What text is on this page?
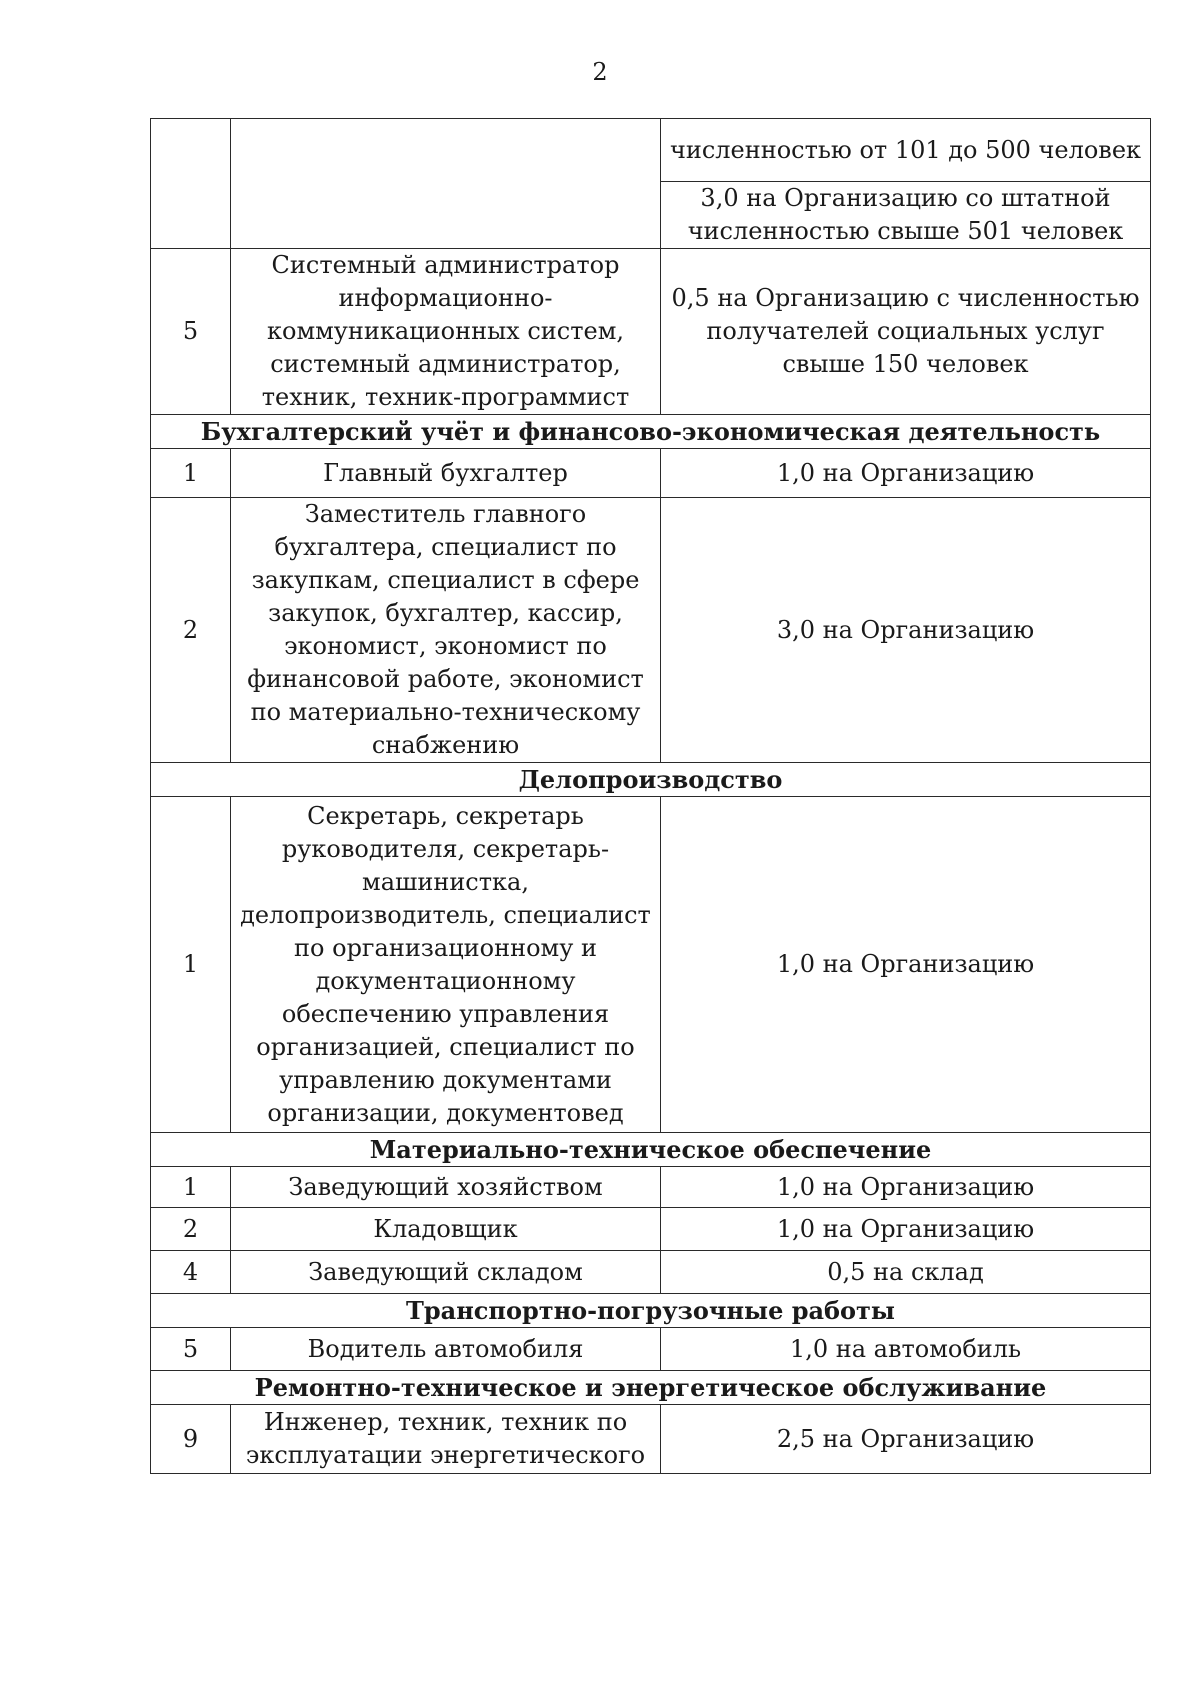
2
		численностью от 101 до 500 человек
		3,0 на Организацию со штатной численностью свыше 501 человек
5	Системный администратор информационно-коммуникационных систем, системный администратор, техник, техник-программист	0,5 на Организацию с численностью получателей социальных услуг свыше 150 человек
Бухгалтерский учёт и финансово-экономическая деятельность		
1	Главный бухгалтер	1,0 на Организацию
2	Заместитель главного бухгалтера, специалист по закупкам, специалист в сфере закупок, бухгалтер, кассир, экономист, экономист по финансовой работе, экономист по материально-техническому снабжению	3,0 на Организацию
Делопроизводство		
1	Секретарь, секретарь руководителя, секретарь-машинистка, делопроизводитель, специалист по организационному и документационному обеспечению управления организацией, специалист по управлению документами организации, документовед	1,0 на Организацию
Материально-техническое обеспечение		
1	Заведующий хозяйством	1,0 на Организацию
2	Кладовщик	1,0 на Организацию
4	Заведующий складом	0,5 на склад
Транспортно-погрузочные работы		
5	Водитель автомобиля	1,0 на автомобиль
Ремонтно-техническое и энергетическое обслуживание		
9	Инженер, техник, техник по эксплуатации энергетического	2,5 на Организацию
